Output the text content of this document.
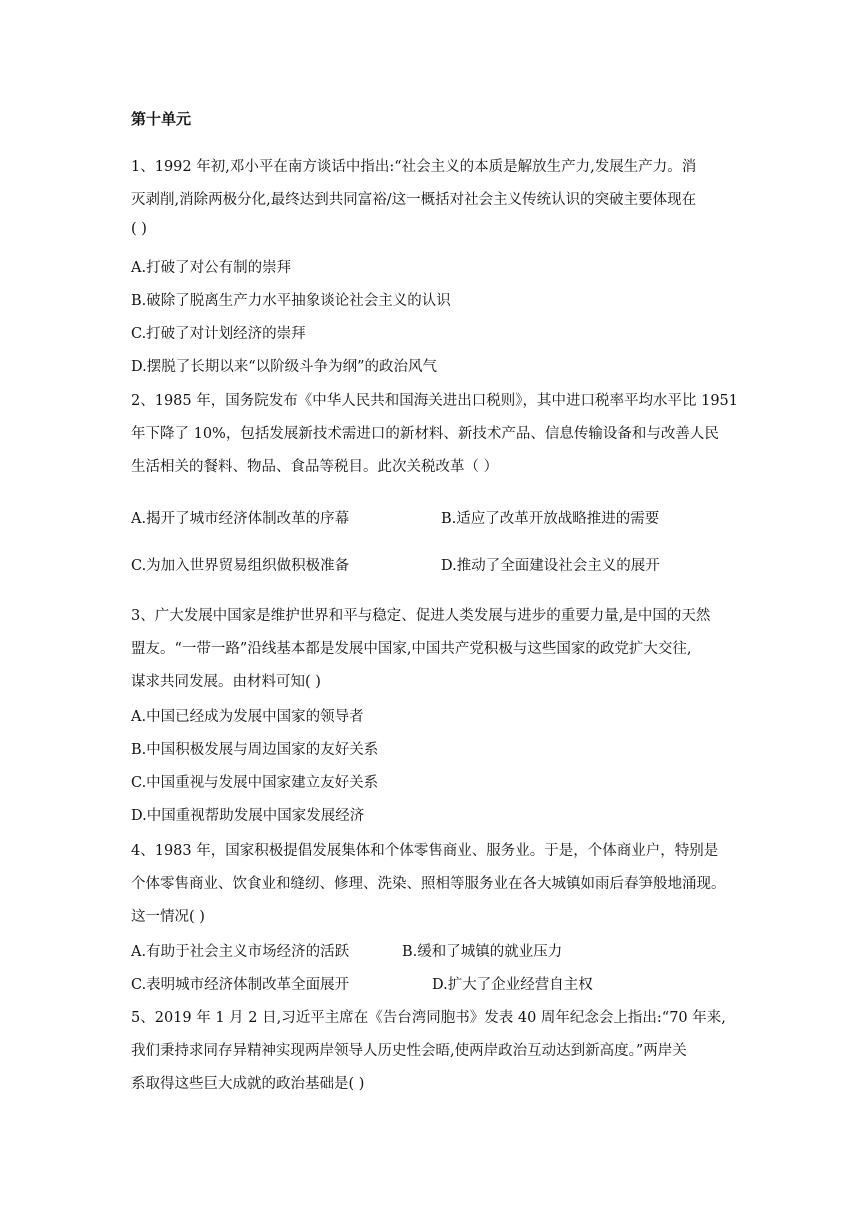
第十单元
1、1992 年初,邓小平在南方谈话中指出:“社会主义的本质是解放生产力,发展生产力。消
灭剥削,消除两极分化,最终达到共同富裕/这一概括对社会主义传统认识的突破主要体现在
( )
A.打破了对公有制的崇拜
B.破除了脱离生产力水平抽象谈论社会主义的认识
C.打破了对计划经济的崇拜
D.摆脱了长期以来“以阶级斗争为纲”的政治风气
2、1985 年，国务院发布《中华人民共和国海关进出口税则》，其中进口税率平均水平比 1951
年下降了 10%，包括发展新技术需进口的新材料、新技术产品、信息传输设备和与改善人民
生活相关的餐料、物品、食品等税目。此次关税改革（ ）
A.揭开了城市经济体制改革的序幕	B.适应了改革开放战略推进的需要
C.为加入世界贸易组织做积极准备	D.推动了全面建设社会主义的展开
3、广大发展中国家是维护世界和平与稳定、促进人类发展与进步的重要力量,是中国的天然
盟友。“一带一路”沿线基本都是发展中国家,中国共产党积极与这些国家的政党扩大交往,
谋求共同发展。由材料可知( )
A.中国已经成为发展中国家的领导者
B.中国积极发展与周边国家的友好关系
C.中国重视与发展中国家建立友好关系
D.中国重视帮助发展中国家发展经济
4、1983 年，国家积极提倡发展集体和个体零售商业、服务业。于是，个体商业户，特别是
个体零售商业、饮食业和缝纫、修理、洗染、照相等服务业在各大城镇如雨后春笋般地涌现。
这一情况( )
A.有助于社会主义市场经济的活跃	B.缓和了城镇的就业压力
C.表明城市经济体制改革全面展开	D.扩大了企业经营自主权
5、2019 年 1 月 2 日,习近平主席在《告台湾同胞书》发表 40 周年纪念会上指出:“70 年来,
我们秉持求同存异精神实现两岸领导人历史性会晤,使两岸政治互动达到新高度。”两岸关
系取得这些巨大成就的政治基础是( )
